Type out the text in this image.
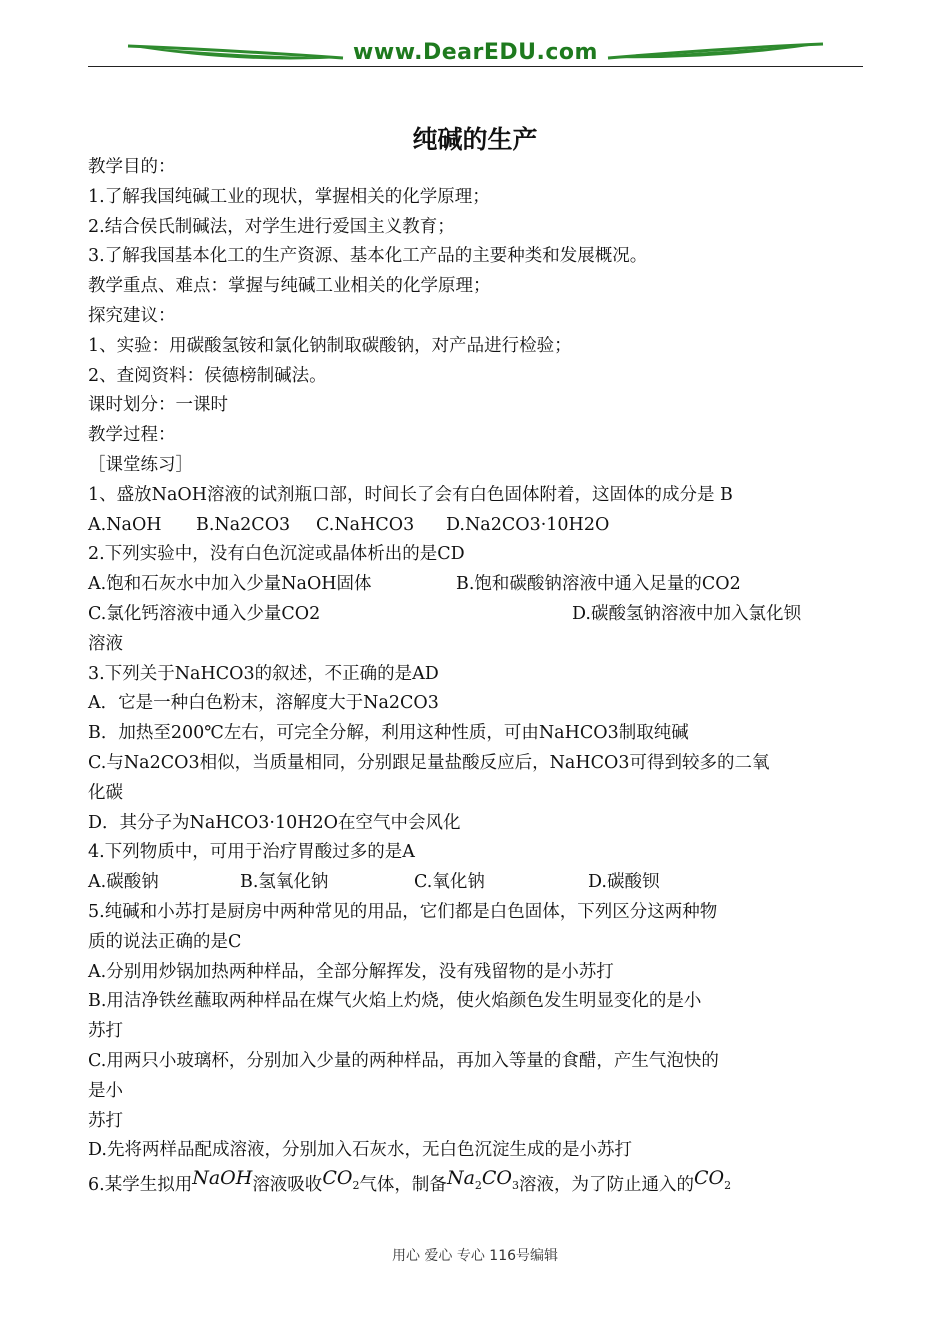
www.DearEDU.com
纯碱的生产
教学目的：
1.了解我国纯碱工业的现状，掌握相关的化学原理；
2.结合侯氏制碱法，对学生进行爱国主义教育；
3.了解我国基本化工的生产资源、基本化工产品的主要种类和发展概况。
教学重点、难点：掌握与纯碱工业相关的化学原理；
探究建议：
1、实验：用碳酸氢铵和氯化钠制取碳酸钠，对产品进行检验；
2、查阅资料：侯德榜制碱法。
课时划分：一课时
教学过程：
［课堂练习］
1、盛放NaOH溶液的试剂瓶口部，时间长了会有白色固体附着，这固体的成分是 B
A.NaOH B.Na2CO3 C.NaHCO3 D.Na2CO3·10H2O
2.下列实验中，没有白色沉淀或晶体析出的是CD
A.饱和石灰水中加入少量NaOH固体	B.饱和碳酸钠溶液中通入足量的CO2
C.氯化钙溶液中通入少量CO2	D.碳酸氢钠溶液中加入氯化钡
溶液
3.下列关于NaHCO3的叙述，不正确的是AD
A．它是一种白色粉末，溶解度大于Na2CO3
B．加热至200℃左右，可完全分解，利用这种性质，可由NaHCO3制取纯碱
C.与Na2CO3相似，当质量相同，分别跟足量盐酸反应后，NaHCO3可得到较多的二氧
化碳
D．其分子为NaHCO3·10H2O在空气中会风化
4.下列物质中，可用于治疗胃酸过多的是A
A.碳酸钠	B.氢氧化钠	C.氧化钠	D.碳酸钡
5.纯碱和小苏打是厨房中两种常见的用品，它们都是白色固体，下列区分这两种物
质的说法正确的是C
A.分别用炒锅加热两种样品，全部分解挥发，没有残留物的是小苏打
B.用洁净铁丝蘸取两种样品在煤气火焰上灼烧，使火焰颜色发生明显变化的是小
苏打
C.用两只小玻璃杯，分别加入少量的两种样品，再加入等量的食醋，产生气泡快的
是小
苏打
D.先将两样品配成溶液，分别加入石灰水，无白色沉淀生成的是小苏打
6.某学生拟用NaOH溶液吸收$CO_2$气体，制备$Na_2CO_3$溶液，为了防止通入的$CO_2$
用心 爱心 专心 116号编辑
